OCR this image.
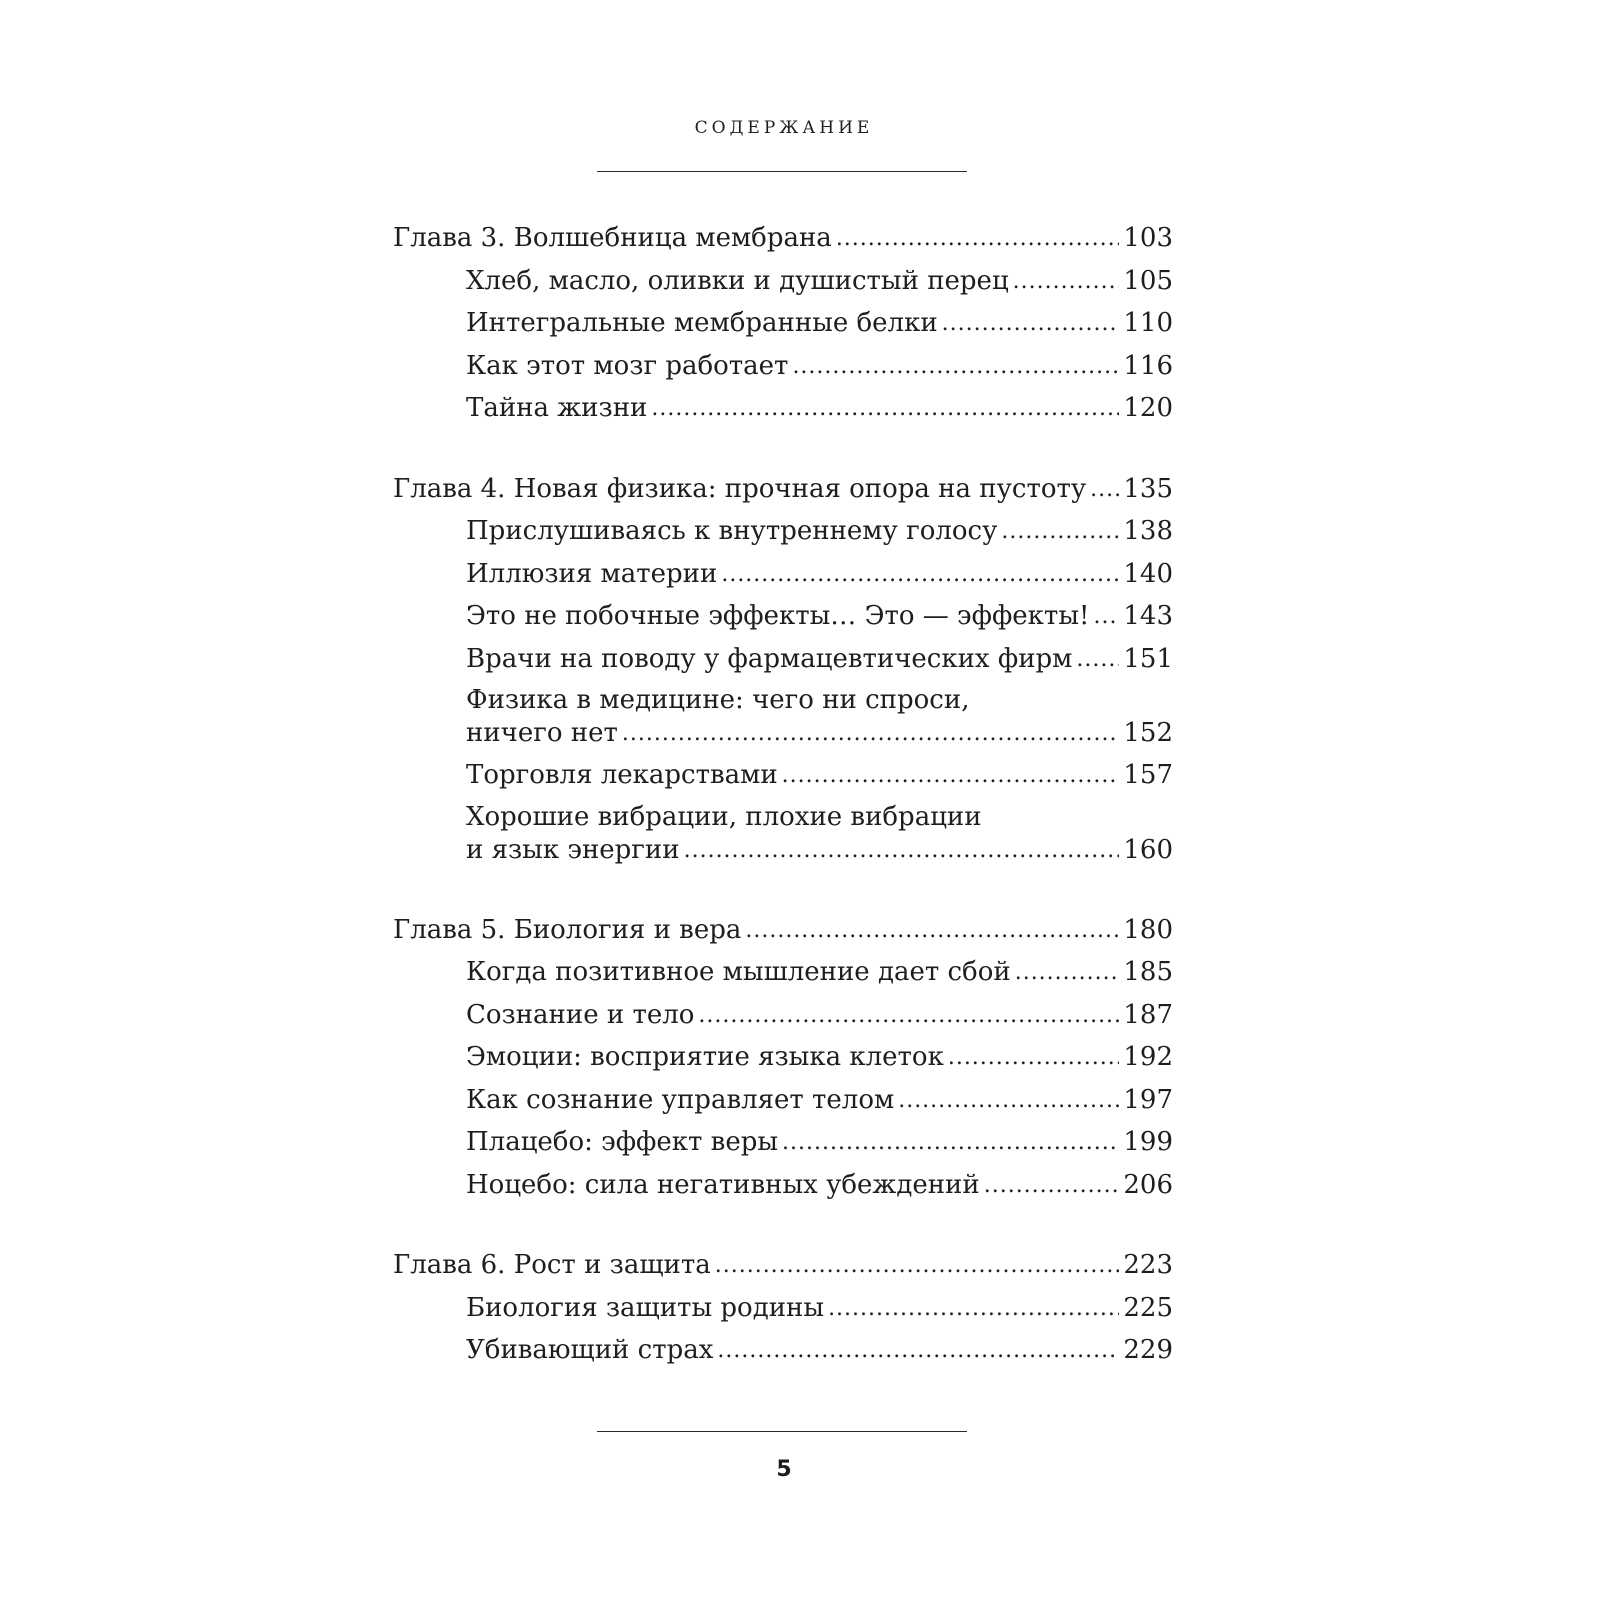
СОДЕРЖАНИЕ
Глава 3. Волшебница мембрана .....	103
Хлеб, масло, оливки и душистый перец .....	105
Интегральные мембранные белки .....	110
Как этот мозг работает .....	116
Тайна жизни .....	120
Глава 4. Новая физика: прочная опора на пустоту ..... 135
Прислушиваясь к внутреннему голосу .....	138
Иллюзия материи .....	140
Это не побочные эффекты… Это — эффекты! ..... 143
Врачи на поводу у фармацевтических фирм ..... 151
Физика в медицине: чего ни спроси,
ничего нет .....	152
Торговля лекарствами .....	157
Хорошие вибрации, плохие вибрации
и язык энергии .....	160
Глава 5. Биология и вера .....	180
Когда позитивное мышление дает сбой .....	185
Сознание и тело .....	187
Эмоции: восприятие языка клеток .....	192
Как сознание управляет телом .....	197
Плацебо: эффект веры .....	199
Ноцебо: сила негативных убеждений .....	206
Глава 6. Рост и защита .....	223
Биология защиты родины .....	225
Убивающий страх .....	229
5
